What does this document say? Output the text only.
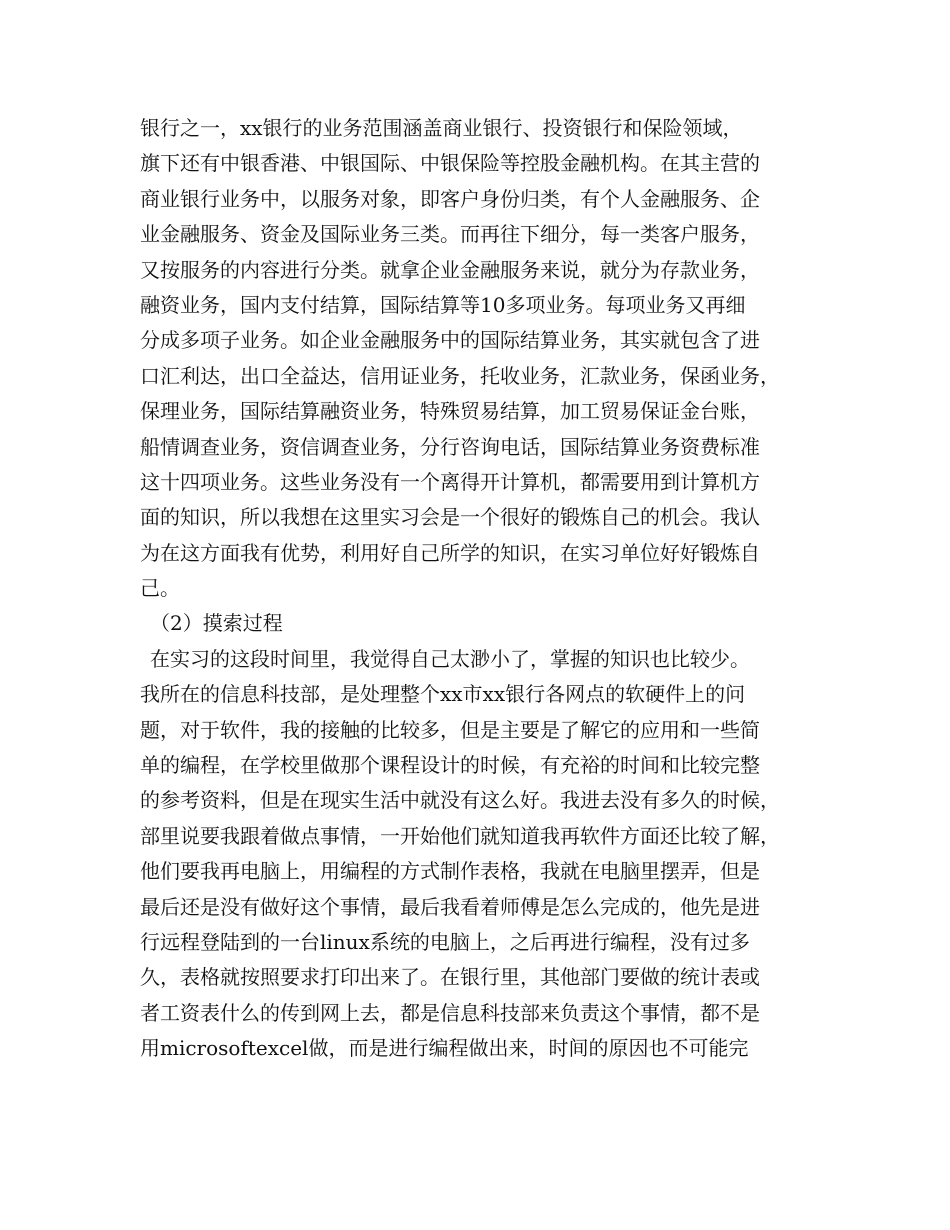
银行之一，xx银行的业务范围涵盖商业银行、投资银行和保险领域，
旗下还有中银香港、中银国际、中银保险等控股金融机构。在其主营的
商业银行业务中，以服务对象，即客户身份归类，有个人金融服务、企
业金融服务、资金及国际业务三类。而再往下细分，每一类客户服务，
又按服务的内容进行分类。就拿企业金融服务来说，就分为存款业务，
融资业务，国内支付结算，国际结算等10多项业务。每项业务又再细
分成多项子业务。如企业金融服务中的国际结算业务，其实就包含了进
口汇利达，出口全益达，信用证业务，托收业务，汇款业务，保函业务，
保理业务，国际结算融资业务，特殊贸易结算，加工贸易保证金台账，
船情调查业务，资信调查业务，分行咨询电话，国际结算业务资费标准
这十四项业务。这些业务没有一个离得开计算机，都需要用到计算机方
面的知识，所以我想在这里实习会是一个很好的锻炼自己的机会。我认
为在这方面我有优势，利用好自己所学的知识，在实习单位好好锻炼自
己。
（2）摸索过程
在实习的这段时间里，我觉得自己太渺小了，掌握的知识也比较少。
我所在的信息科技部，是处理整个xx市xx银行各网点的软硬件上的问
题，对于软件，我的接触的比较多，但是主要是了解它的应用和一些简
单的编程，在学校里做那个课程设计的时候，有充裕的时间和比较完整
的参考资料，但是在现实生活中就没有这么好。我进去没有多久的时候，
部里说要我跟着做点事情，一开始他们就知道我再软件方面还比较了解，
他们要我再电脑上，用编程的方式制作表格，我就在电脑里摆弄，但是
最后还是没有做好这个事情，最后我看着师傅是怎么完成的，他先是进
行远程登陆到的一台linux系统的电脑上，之后再进行编程，没有过多
久，表格就按照要求打印出来了。在银行里，其他部门要做的统计表或
者工资表什么的传到网上去，都是信息科技部来负责这个事情，都不是
用microsoftexcel做，而是进行编程做出来，时间的原因也不可能完
